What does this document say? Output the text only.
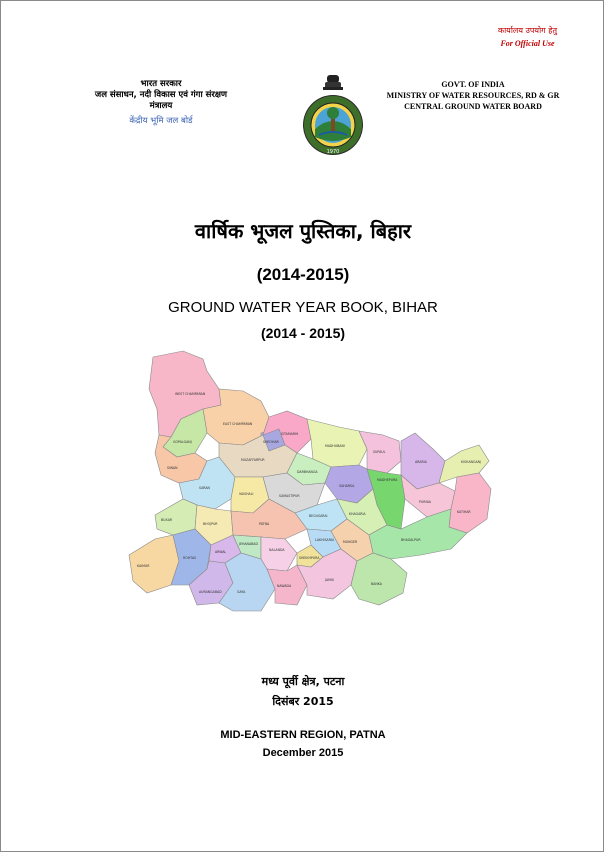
कार्यालय उपयोग हेतु
For Official Use
भारत सरकार
जल संसाधन, नदी विकास एवं गंगा संरक्षण
मंत्रालय
केंद्रीय भूमि जल बोर्ड
1970
GOVT. OF INDIA
MINISTRY OF WATER RESOURCES, RD & GR
CENTRAL GROUND WATER BOARD
वार्षिक भूजल पुस्तिका, बिहार
(2014-2015)
GROUND WATER YEAR BOOK, BIHAR
(2014 - 2015)
WEST CHAMPARAN
EAST CHAMPARAN
GOPALGANJ	SHEOHAR
SITAMARHI
MADHUBANI
SUPAUL
ARARIA	KISHANGANJ
SIWAN
MUZAFFARPUR
DARBHANGA
SARAN
VAISHALI	SAMASTIPUR
SAHARSA
MADHEPURA
PURNIA
KATIHAR
BUXAR
BHOJPUR	PATNA
BEGUSARAI	KHAGARIA
BHAGALPUR
KAIMUR
ROHTAS
ARWAL
JEHANABAD
NALANDA
SHEIKHPURA
LAKHISARAI	MUNGER
AURANGABAD	GAYA
NAWADA
JAMUI
BANKA
मध्य पूर्वी क्षेत्र, पटना
दिसंबर 2015
MID-EASTERN REGION, PATNA
December 2015
